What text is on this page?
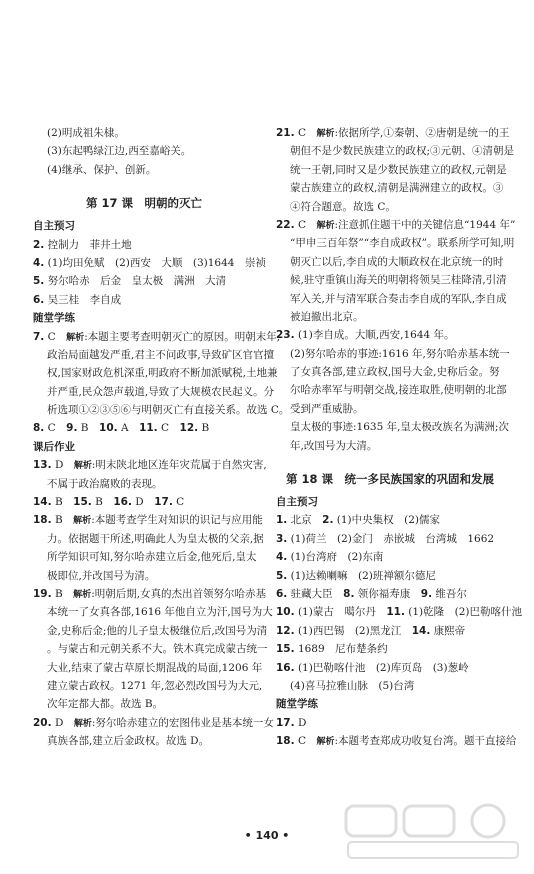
(2)明成祖朱棣。
(3)东起鸭绿江边,西至嘉峪关。
(4)继承、保护、创新。
第 17 课　明朝的灭亡
自主预习
2. 控制力　菲井土地
4. (1)均田免赋　(2)西安　大顺　(3)1644　崇祯
5. 努尔哈赤　后金　皇太极　满洲　大清
6. 吴三桂　李自成
随堂学练
7. C　解析:本题主要考查明朝灭亡的原因。明朝末年,
政治局面越发严重,君主不问政事,导致矿区官官擅
权,国家财政危机深重,明政府不断加派赋税,土地兼
并严重,民众怨声载道,导致了大规模农民起义。分
析选项①②③⑤⑥与明朝灭亡有直接关系。故选 C。
8. C　9. B　10. A　11. C　12. B
课后作业
13. D　解析:明末陕北地区连年灾荒属于自然灾害,
不属于政治腐败的表现。
14. B　15. B　16. D　17. C
18. B　解析:本题考查学生对知识的识记与应用能
力。依据题干所述,明确此人为皇太极的父亲,据
所学知识可知,努尔哈赤建立后金,他死后,皇太
极即位,并改国号为清。
19. B　解析:明朝后期,女真的杰出首领努尔哈赤基
本统一了女真各部,1616 年他自立为汗,国号为大
金,史称后金;他的儿子皇太极继位后,改国号为清
。与蒙古和元朝关系不大。铁木真完成蒙古统一
大业,结束了蒙古草原长期混战的局面,1206 年
建立蒙古政权。1271 年,忽必烈改国号为大元,
次年定都大都。故选 B。
20. D　解析:努尔哈赤建立的宏图伟业是基本统一女
真族各部,建立后金政权。故选 D。
21. C　解析:依据所学,①秦朝、②唐朝是统一的王
朝但不是少数民族建立的政权;③元朝、④清朝是
统一王朝,同时又是少数民族建立的政权,元朝是
蒙古族建立的政权,清朝是满洲建立的政权。③
④符合题意。故选 C。
22. C　解析:注意抓住题干中的关键信息“1944 年”
“甲申三百年祭”“李自成政权”。联系所学可知,明
朝灭亡以后,李自成的大顺政权在北京统一的时
候,驻守重镇山海关的明朝将领吴三桂降清,引清
军入关,并与清军联合奏击李自成的军队,李自成
被迫撤出北京。
23. (1)李自成。大顺,西安,1644 年。
(2)努尔哈赤的事迹:1616 年,努尔哈赤基本统一
了女真各部,建立政权,国号大金,史称后金。努
尔哈赤率军与明朝交战,接连取胜,使明朝的北部
受到严重威胁。
皇太极的事迹:1635 年,皇太极改族名为满洲;次
年,改国号为大清。
第 18 课　统一多民族国家的巩固和发展
自主预习
1. 北京　2. (1)中央集权　(2)儒家
3. (1)荷兰　(2)金门　赤嵌城　台湾城　1662
4. (1)台湾府　(2)东南
5. (1)达赖喇嘛　(2)班禅额尔德尼
6. 驻藏大臣　8. 领你福寿康　9. 维吾尔
10. (1)蒙古　噶尔丹　11. (1)乾隆　(2)巴勒喀什池
12. (1)西巴锡　(2)黑龙江　14. 康熙帝
15. 1689　尼布楚条约
16. (1)巴勒喀什池　(2)库页岛　(3)葱岭
(4)喜马拉雅山脉　(5)台湾
随堂学练
17. D
18. C　解析:本题考查郑成功收复台湾。题干直接给
• 140 •
